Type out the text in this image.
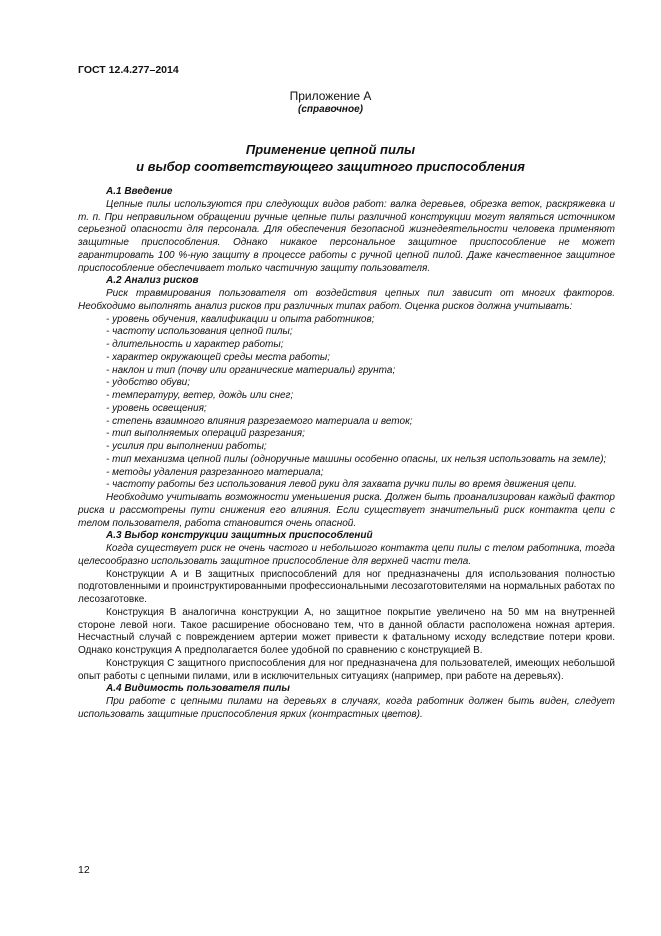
ГОСТ 12.4.277–2014
Приложение А
(справочное)
Применение цепной пилы
и выбор соответствующего защитного приспособления

А.1 Введение

Цепные пилы используются при следующих видов работ: валка деревьев, обрезка веток, раскряжевка и т. п. При неправильном обращении ручные цепные пилы различной конструкции могут являться источником серьезной опасности для персонала. Для обеспечения безопасной жизнедеятельности человека применяют защитные приспособления. Однако никакое персональное защитное приспособление не может гарантировать 100 %-ную защиту в процессе работы с ручной цепной пилой. Даже качественное защитное приспособление обеспечивает только частичную защиту пользователя.

А.2 Анализ рисков

Риск травмирования пользователя от воздействия цепных пил зависит от многих факторов. Необходимо выполнять анализ рисков при различных типах работ. Оценка рисков должна учитывать:

- уровень обучения, квалификации и опыта работников;

- частоту использования цепной пилы;

- длительность и характер работы;

- характер окружающей среды места работы;

- наклон и тип (почву или органические материалы) грунта;

- удобство обуви;

- температуру, ветер, дождь или снег;

- уровень освещения;

- степень взаимного влияния разрезаемого материала и веток;

- тип выполняемых операций разрезания;

- усилия при выполнении работы;

- тип механизма цепной пилы (одноручные машины особенно опасны, их нельзя использовать на земле);

- методы удаления разрезанного материала;

- частоту работы без использования левой руки для захвата ручки пилы во время движения цепи.

Необходимо учитывать возможности уменьшения риска. Должен быть проанализирован каждый фактор риска и рассмотрены пути снижения его влияния. Если существует значительный риск контакта цепи с телом пользователя, работа становится очень опасной.

А.3 Выбор конструкции защитных приспособлений

Когда существует риск не очень частого и небольшого контакта цепи пилы с телом работника, тогда целесообразно использовать защитное приспособление для верхней части тела.

Конструкции А и В защитных приспособлений для ног предназначены для использования полностью подготовленными и проинструктированными профессиональными лесозаготовителями на нормальных работах по лесозаготовке.

Конструкция В аналогична конструкции А, но защитное покрытие увеличено на 50 мм на внутренней стороне левой ноги. Такое расширение обосновано тем, что в данной области расположена ножная артерия. Несчастный случай с повреждением артерии может привести к фатальному исходу вследствие потери крови. Однако конструкция А предполагается более удобной по сравнению с конструкцией В.

Конструкция С защитного приспособления для ног предназначена для пользователей, имеющих небольшой опыт работы с цепными пилами, или в исключительных ситуациях (например, при работе на деревьях).

А.4 Видимость пользователя пилы

При работе с цепными пилами на деревьях в случаях, когда работник должен быть виден, следует использовать защитные приспособления ярких (контрастных цветов).

12
